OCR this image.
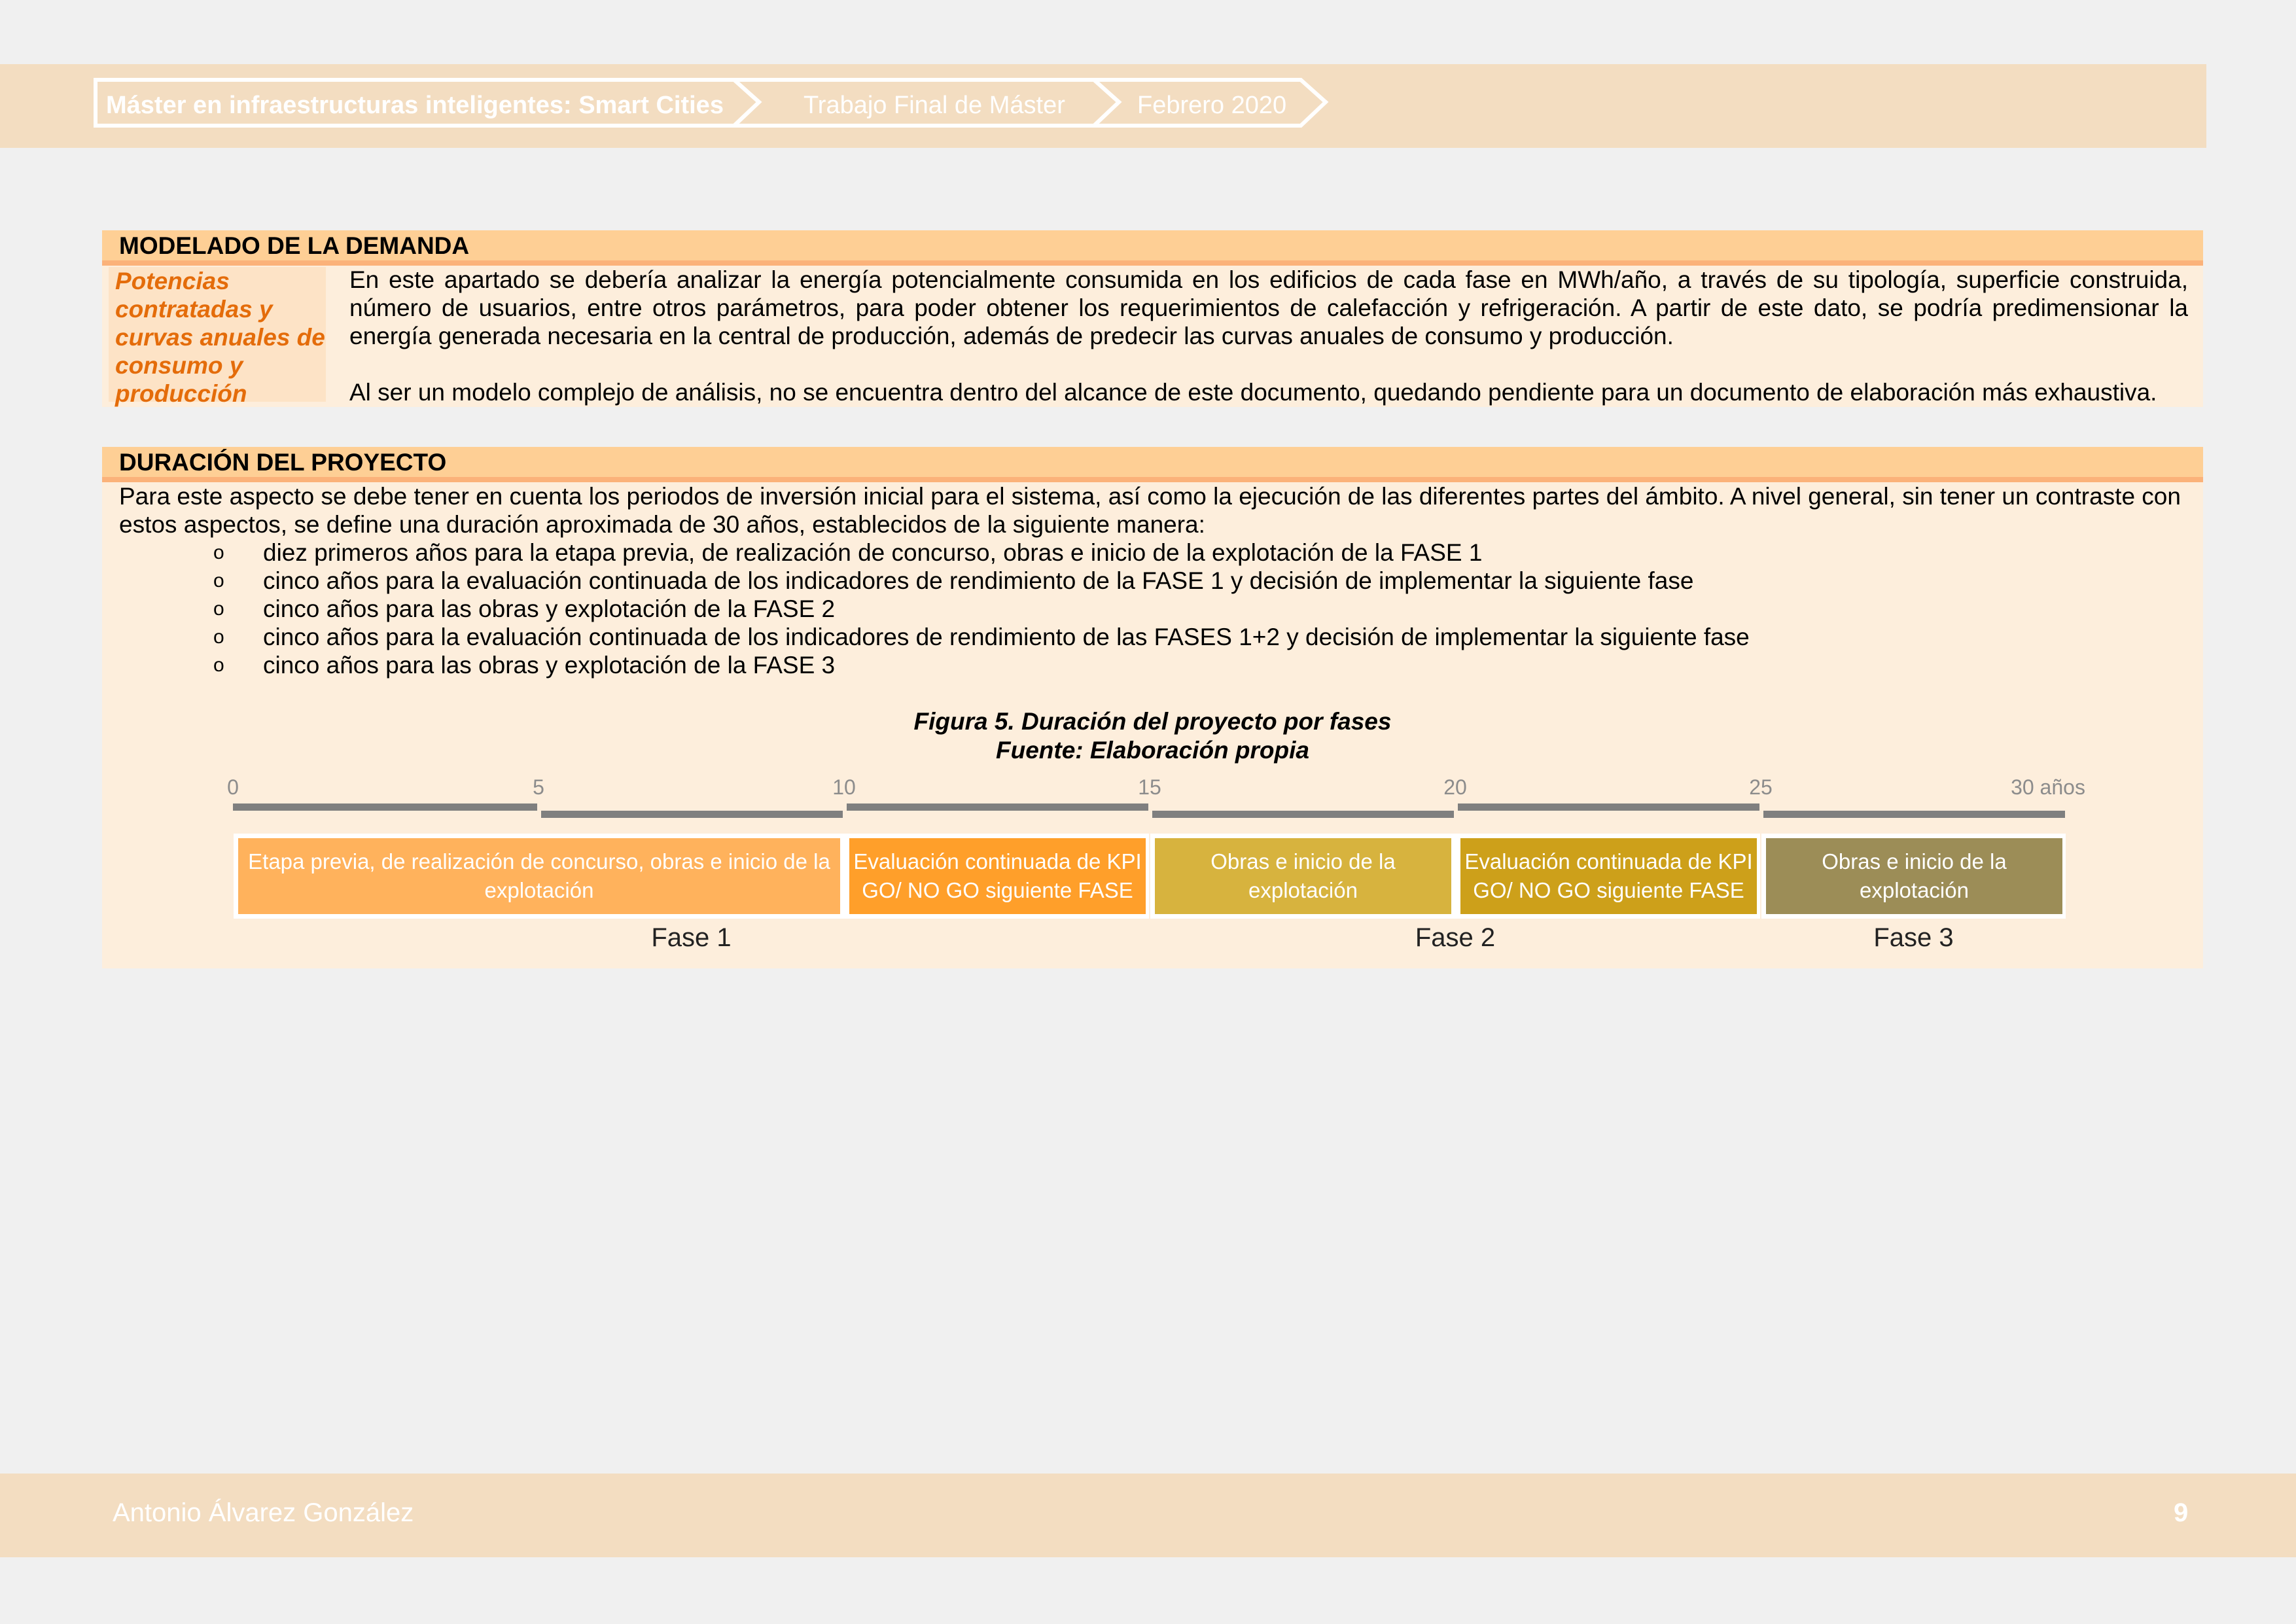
Máster en infraestructuras inteligentes: Smart Cities	Trabajo Final de Máster	Febrero 2020
MODELADO DE LA DEMANDA
Potencias contratadas y curvas anuales de consumo y producción

En este apartado se debería analizar la energía potencialmente consumida en los edificios de cada fase en MWh/año, a través de su tipología, superficie construida, número de usuarios, entre otros parámetros, para poder obtener los requerimientos de calefacción y refrigeración. A partir de este dato, se podría predimensionar la energía generada necesaria en la central de producción, además de predecir las curvas anuales de consumo y producción.

Al ser un modelo complejo de análisis, no se encuentra dentro del alcance de este documento, quedando pendiente para un documento de elaboración más exhaustiva.

DURACIÓN DEL PROYECTO
Para este aspecto se debe tener en cuenta los periodos de inversión inicial para el sistema, así como la ejecución de las diferentes partes del ámbito. A nivel general, sin tener un contraste con estos aspectos, se define una duración aproximada de 30 años, establecidos de la siguiente manera:
o diez primeros años para la etapa previa, de realización de concurso, obras e inicio de la explotación de la FASE 1
o cinco años para la evaluación continuada de los indicadores de rendimiento de la FASE 1 y decisión de implementar la siguiente fase
o cinco años para las obras y explotación de la FASE 2
o cinco años para la evaluación continuada de los indicadores de rendimiento de las FASES 1+2 y decisión de implementar la siguiente fase
o cinco años para las obras y explotación de la FASE 3
Figura 5. Duración del proyecto por fases
Fuente: Elaboración propia
0	5	10	15	20	25	30 años
Etapa previa, de realización de concurso, obras e inicio de la explotación
Evaluación continuada de KPI GO/ NO GO siguiente FASE
Obras e inicio de la explotación
Evaluación continuada de KPI GO/ NO GO siguiente FASE
Obras e inicio de la explotación
Fase 1	Fase 2	Fase 3
Antonio Álvarez González	9
